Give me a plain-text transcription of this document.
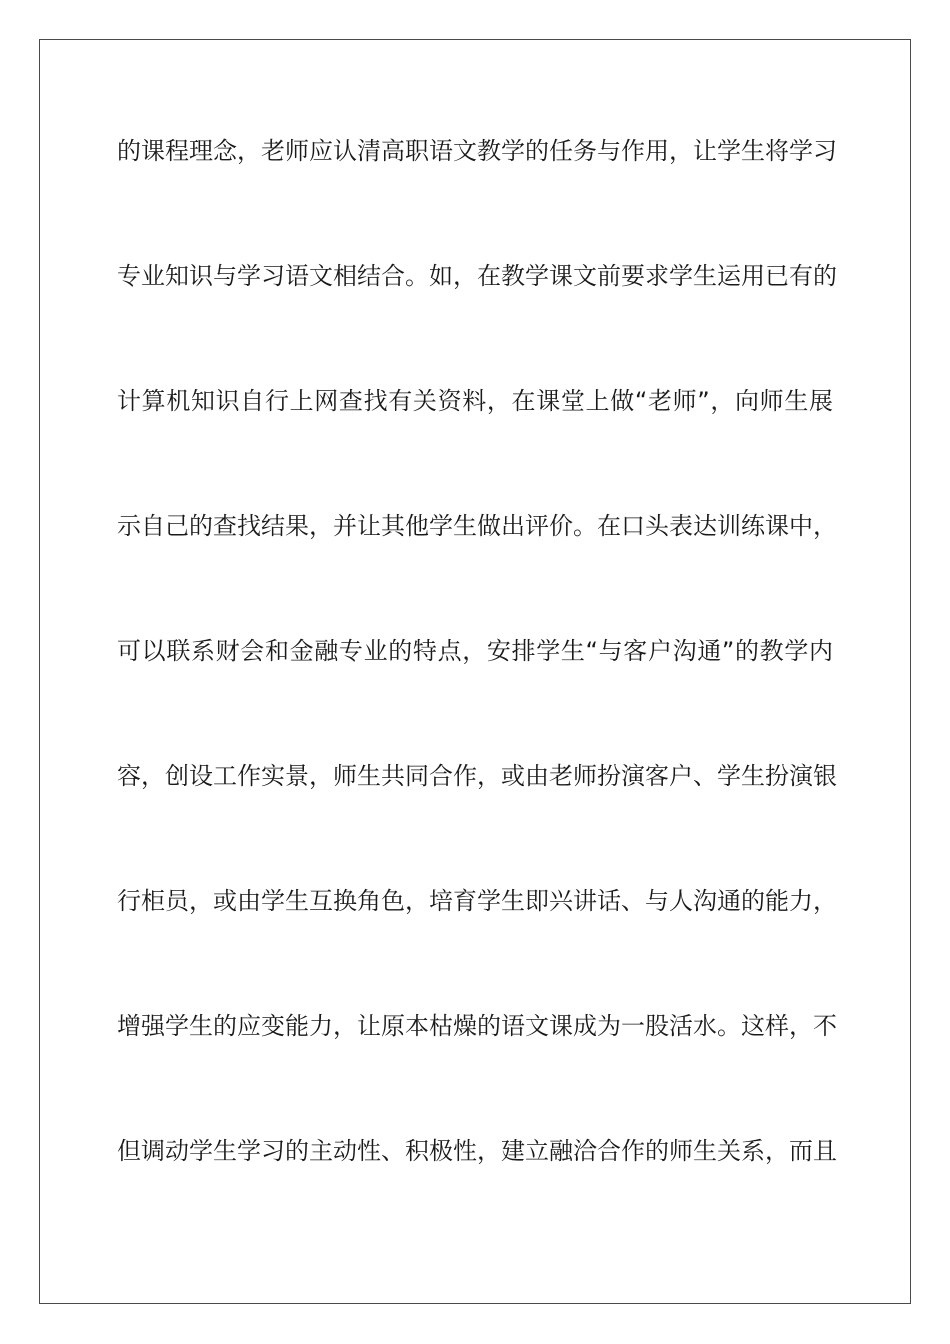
的课程理念，老师应认清高职语文教学的任务与作用，让学生将学习
专业知识与学习语文相结合。如，在教学课文前要求学生运用已有的
计算机知识自行上网查找有关资料，在课堂上做“老师”，向师生展
示自己的查找结果，并让其他学生做出评价。在口头表达训练课中，
可以联系财会和金融专业的特点，安排学生“与客户沟通”的教学内
容，创设工作实景，师生共同合作，或由老师扮演客户、学生扮演银
行柜员，或由学生互换角色，培育学生即兴讲话、与人沟通的能力，
增强学生的应变能力，让原本枯燥的语文课成为一股活水。这样，不
但调动学生学习的主动性、积极性，建立融洽合作的师生关系，而且
